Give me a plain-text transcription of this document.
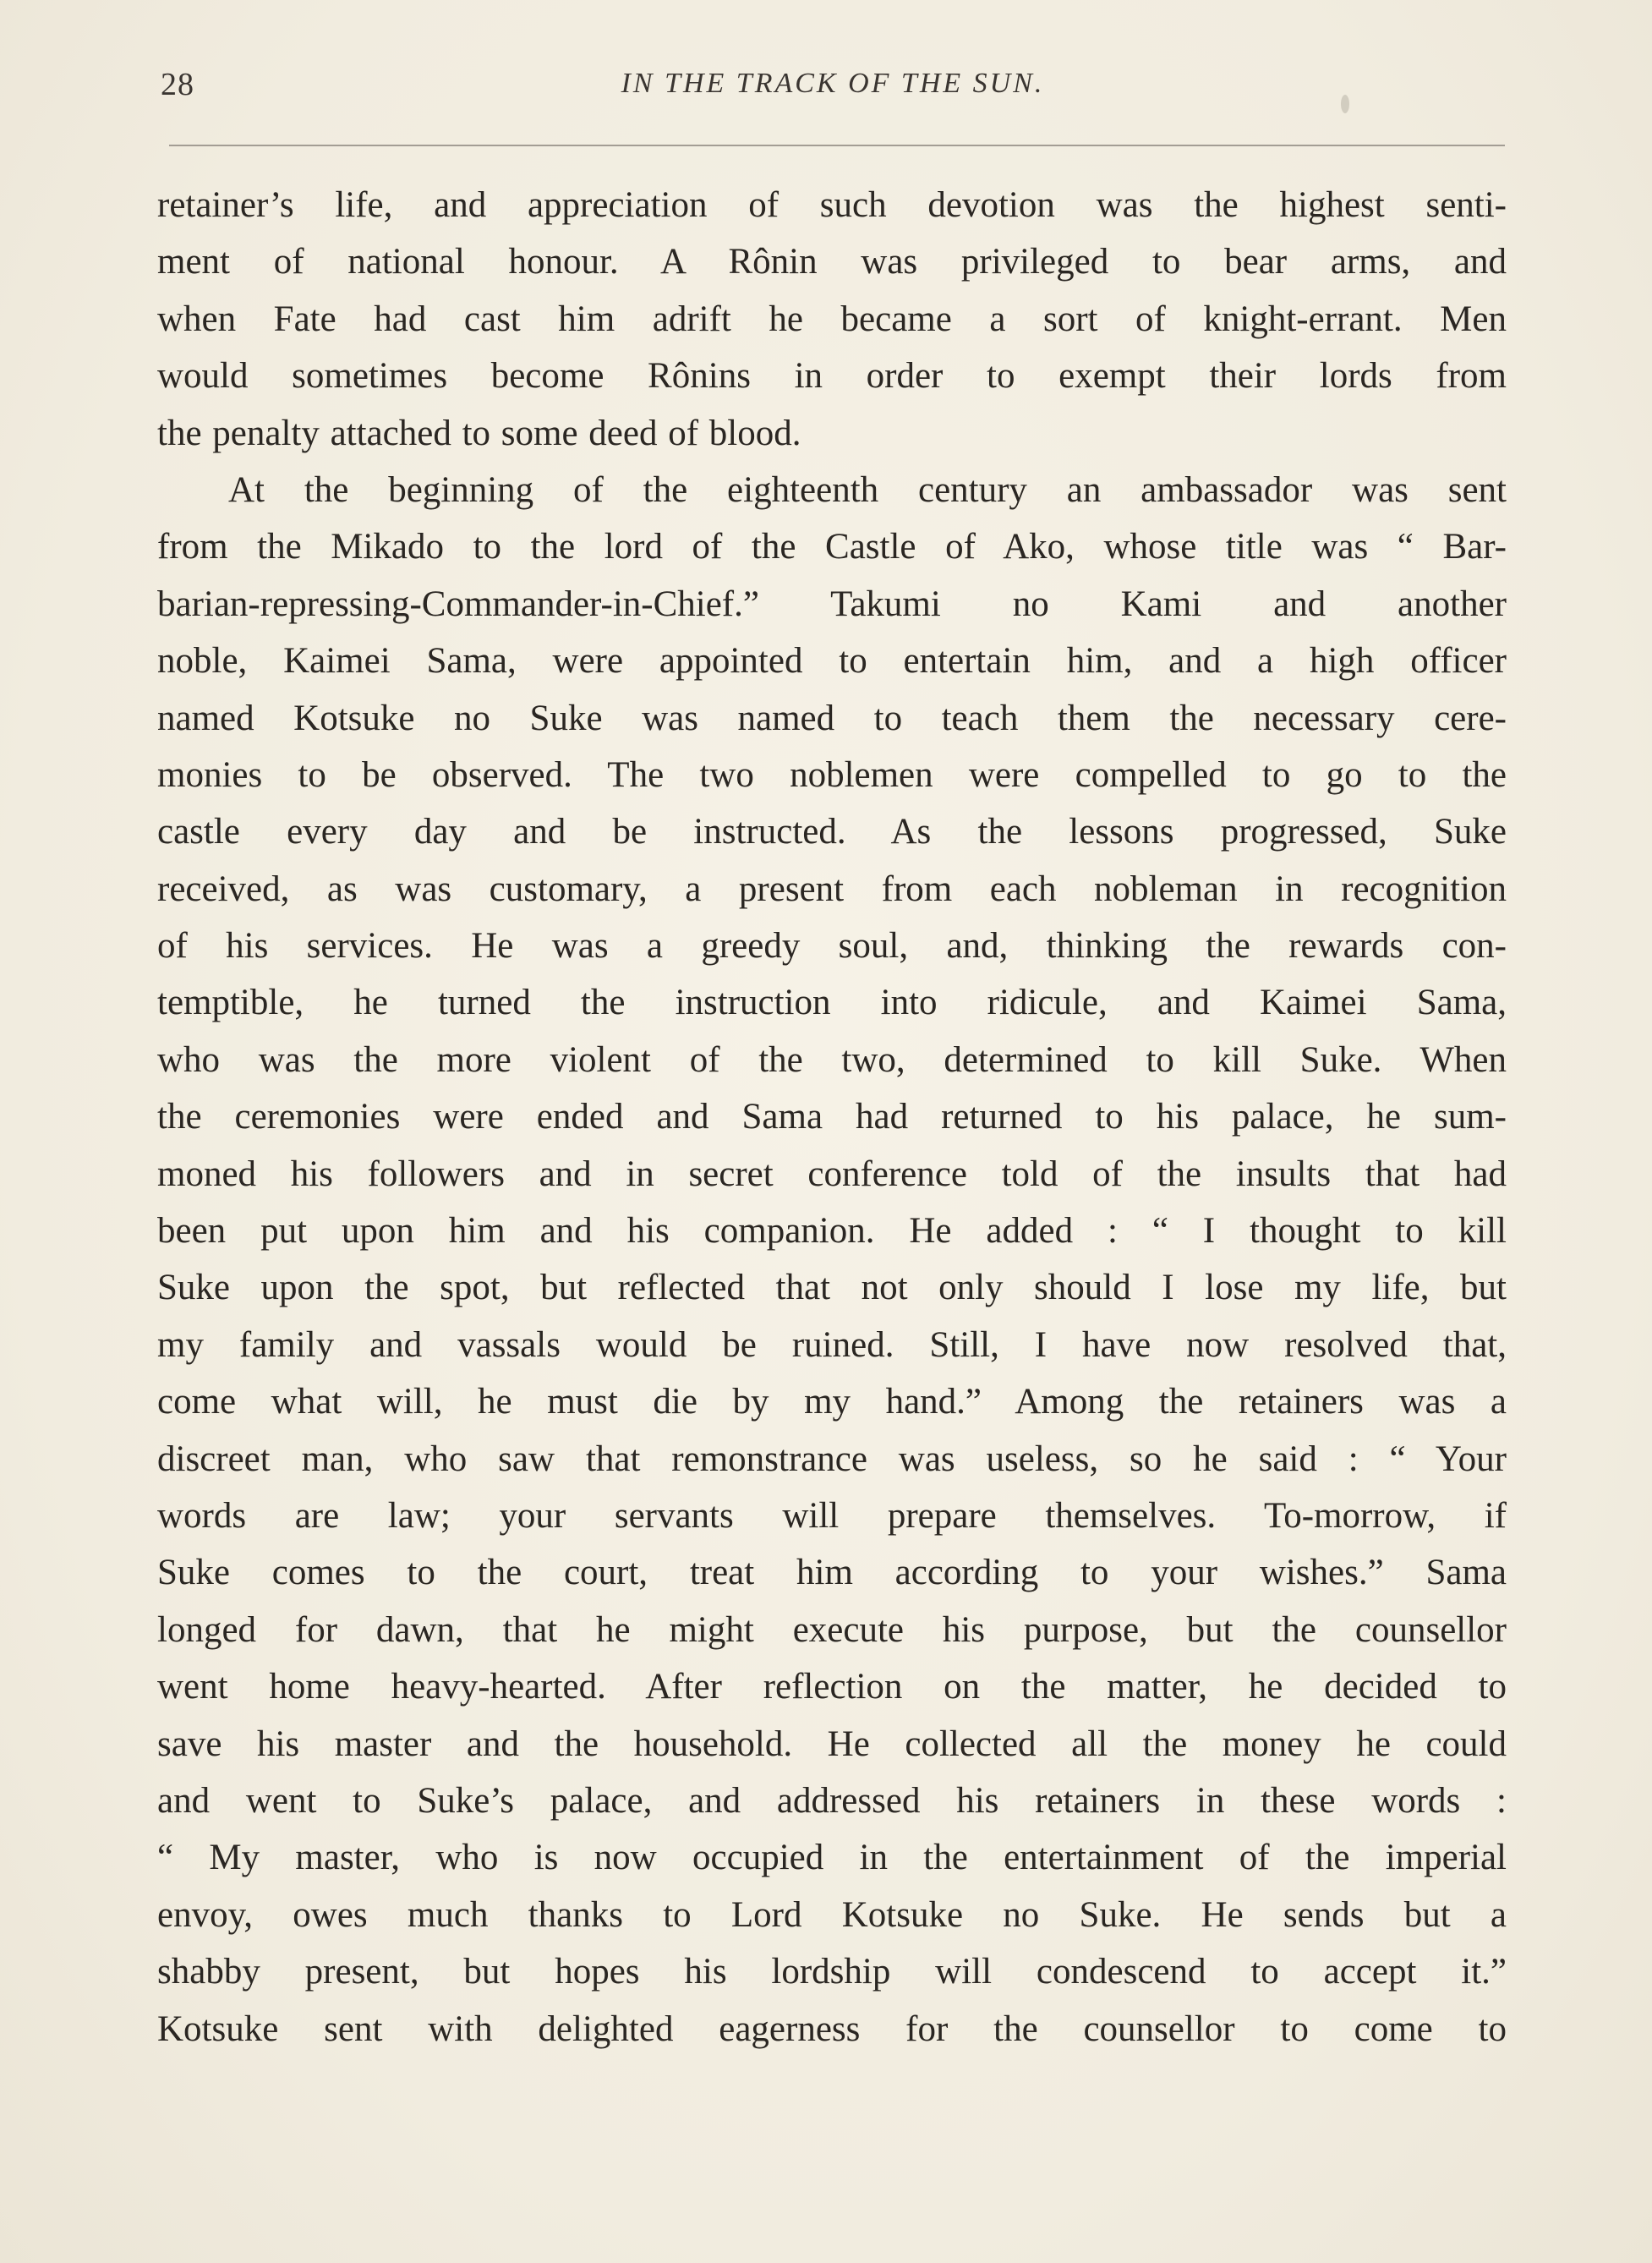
28	IN THE TRACK OF THE SUN.
retainer’s life, and appreciation of such devotion was the highest senti-
ment of national honour. A Rônin was privileged to bear arms, and
when Fate had cast him adrift he became a sort of knight-errant. Men
would sometimes become Rônins in order to exempt their lords from
the penalty attached to some deed of blood.
At the beginning of the eighteenth century an ambassador was sent
from the Mikado to the lord of the Castle of Ako, whose title was “ Bar-
barian-repressing-Commander-in-Chief.” Takumi no Kami and another
noble, Kaimei Sama, were appointed to entertain him, and a high officer
named Kotsuke no Suke was named to teach them the necessary cere-
monies to be observed. The two noblemen were compelled to go to the
castle every day and be instructed. As the lessons progressed, Suke
received, as was customary, a present from each nobleman in recognition
of his services. He was a greedy soul, and, thinking the rewards con-
temptible, he turned the instruction into ridicule, and Kaimei Sama,
who was the more violent of the two, determined to kill Suke. When
the ceremonies were ended and Sama had returned to his palace, he sum-
moned his followers and in secret conference told of the insults that had
been put upon him and his companion. He added : “ I thought to kill
Suke upon the spot, but reflected that not only should I lose my life, but
my family and vassals would be ruined. Still, I have now resolved that,
come what will, he must die by my hand.” Among the retainers was a
discreet man, who saw that remonstrance was useless, so he said : “ Your
words are law; your servants will prepare themselves. To-morrow, if
Suke comes to the court, treat him according to your wishes.” Sama
longed for dawn, that he might execute his purpose, but the counsellor
went home heavy-hearted. After reflection on the matter, he decided to
save his master and the household. He collected all the money he could
and went to Suke’s palace, and addressed his retainers in these words :
“ My master, who is now occupied in the entertainment of the imperial
envoy, owes much thanks to Lord Kotsuke no Suke. He sends but a
shabby present, but hopes his lordship will condescend to accept it.”
Kotsuke sent with delighted eagerness for the counsellor to come to
